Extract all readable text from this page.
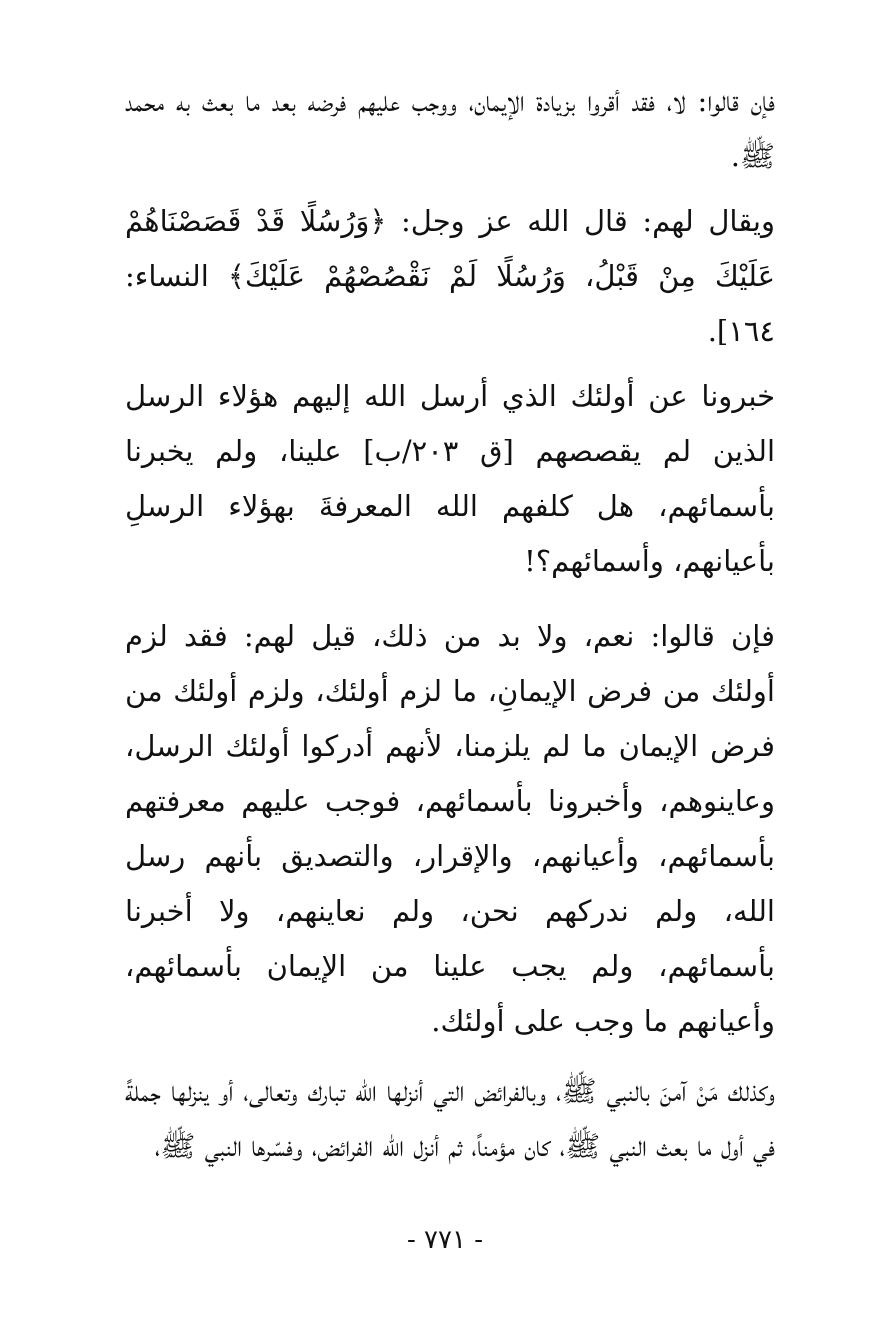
فإن قالوا: لا، فقد أقروا بزيادة الإيمان، ووجب عليهم فرضه بعد ما بعث به محمد ﷺ.

ويقال لهم: قال الله عز وجل: ﴿وَرُسُلًا قَدْ قَصَصْنَاهُمْ عَلَيْكَ مِنْ قَبْلُ، وَرُسُلًا لَمْ نَقْصُصْهُمْ عَلَيْكَ﴾ النساء: ١٦٤].

خبرونا عن أولئك الذي أرسل الله إليهم هؤلاء الرسل الذين لم يقصصهم [ق ٢٠٣/ب] علينا، ولم يخبرنا بأسمائهم، هل كلفهم الله المعرفةَ بهؤلاء الرسلِ بأعيانهم، وأسمائهم؟!

فإن قالوا: نعم، ولا بد من ذلك، قيل لهم: فقد لزم أولئك من فرض الإيمانِ، ما لزم أولئك، ولزم أولئك من فرض الإيمان ما لم يلزمنا، لأنهم أدركوا أولئك الرسل، وعاينوهم، وأخبرونا بأسمائهم، فوجب عليهم معرفتهم بأسمائهم، وأعيانهم، والإقرار، والتصديق بأنهم رسل الله، ولم ندركهم نحن، ولم نعاينهم، ولا أخبرنا بأسمائهم، ولم يجب علينا من الإيمان بأسمائهم، وأعيانهم ما وجب على أولئك.

وكذلك مَنْ آمنَ بالنبي ﷺ، وبالفرائض التي أنزلها الله تبارك وتعالى، أو ينزلها جملةً في أول ما بعث النبي ﷺ، كان مؤمناً، ثم أنزل الله الفرائض، وفسّرها النبي ﷺ،

- ٧٧١ -
